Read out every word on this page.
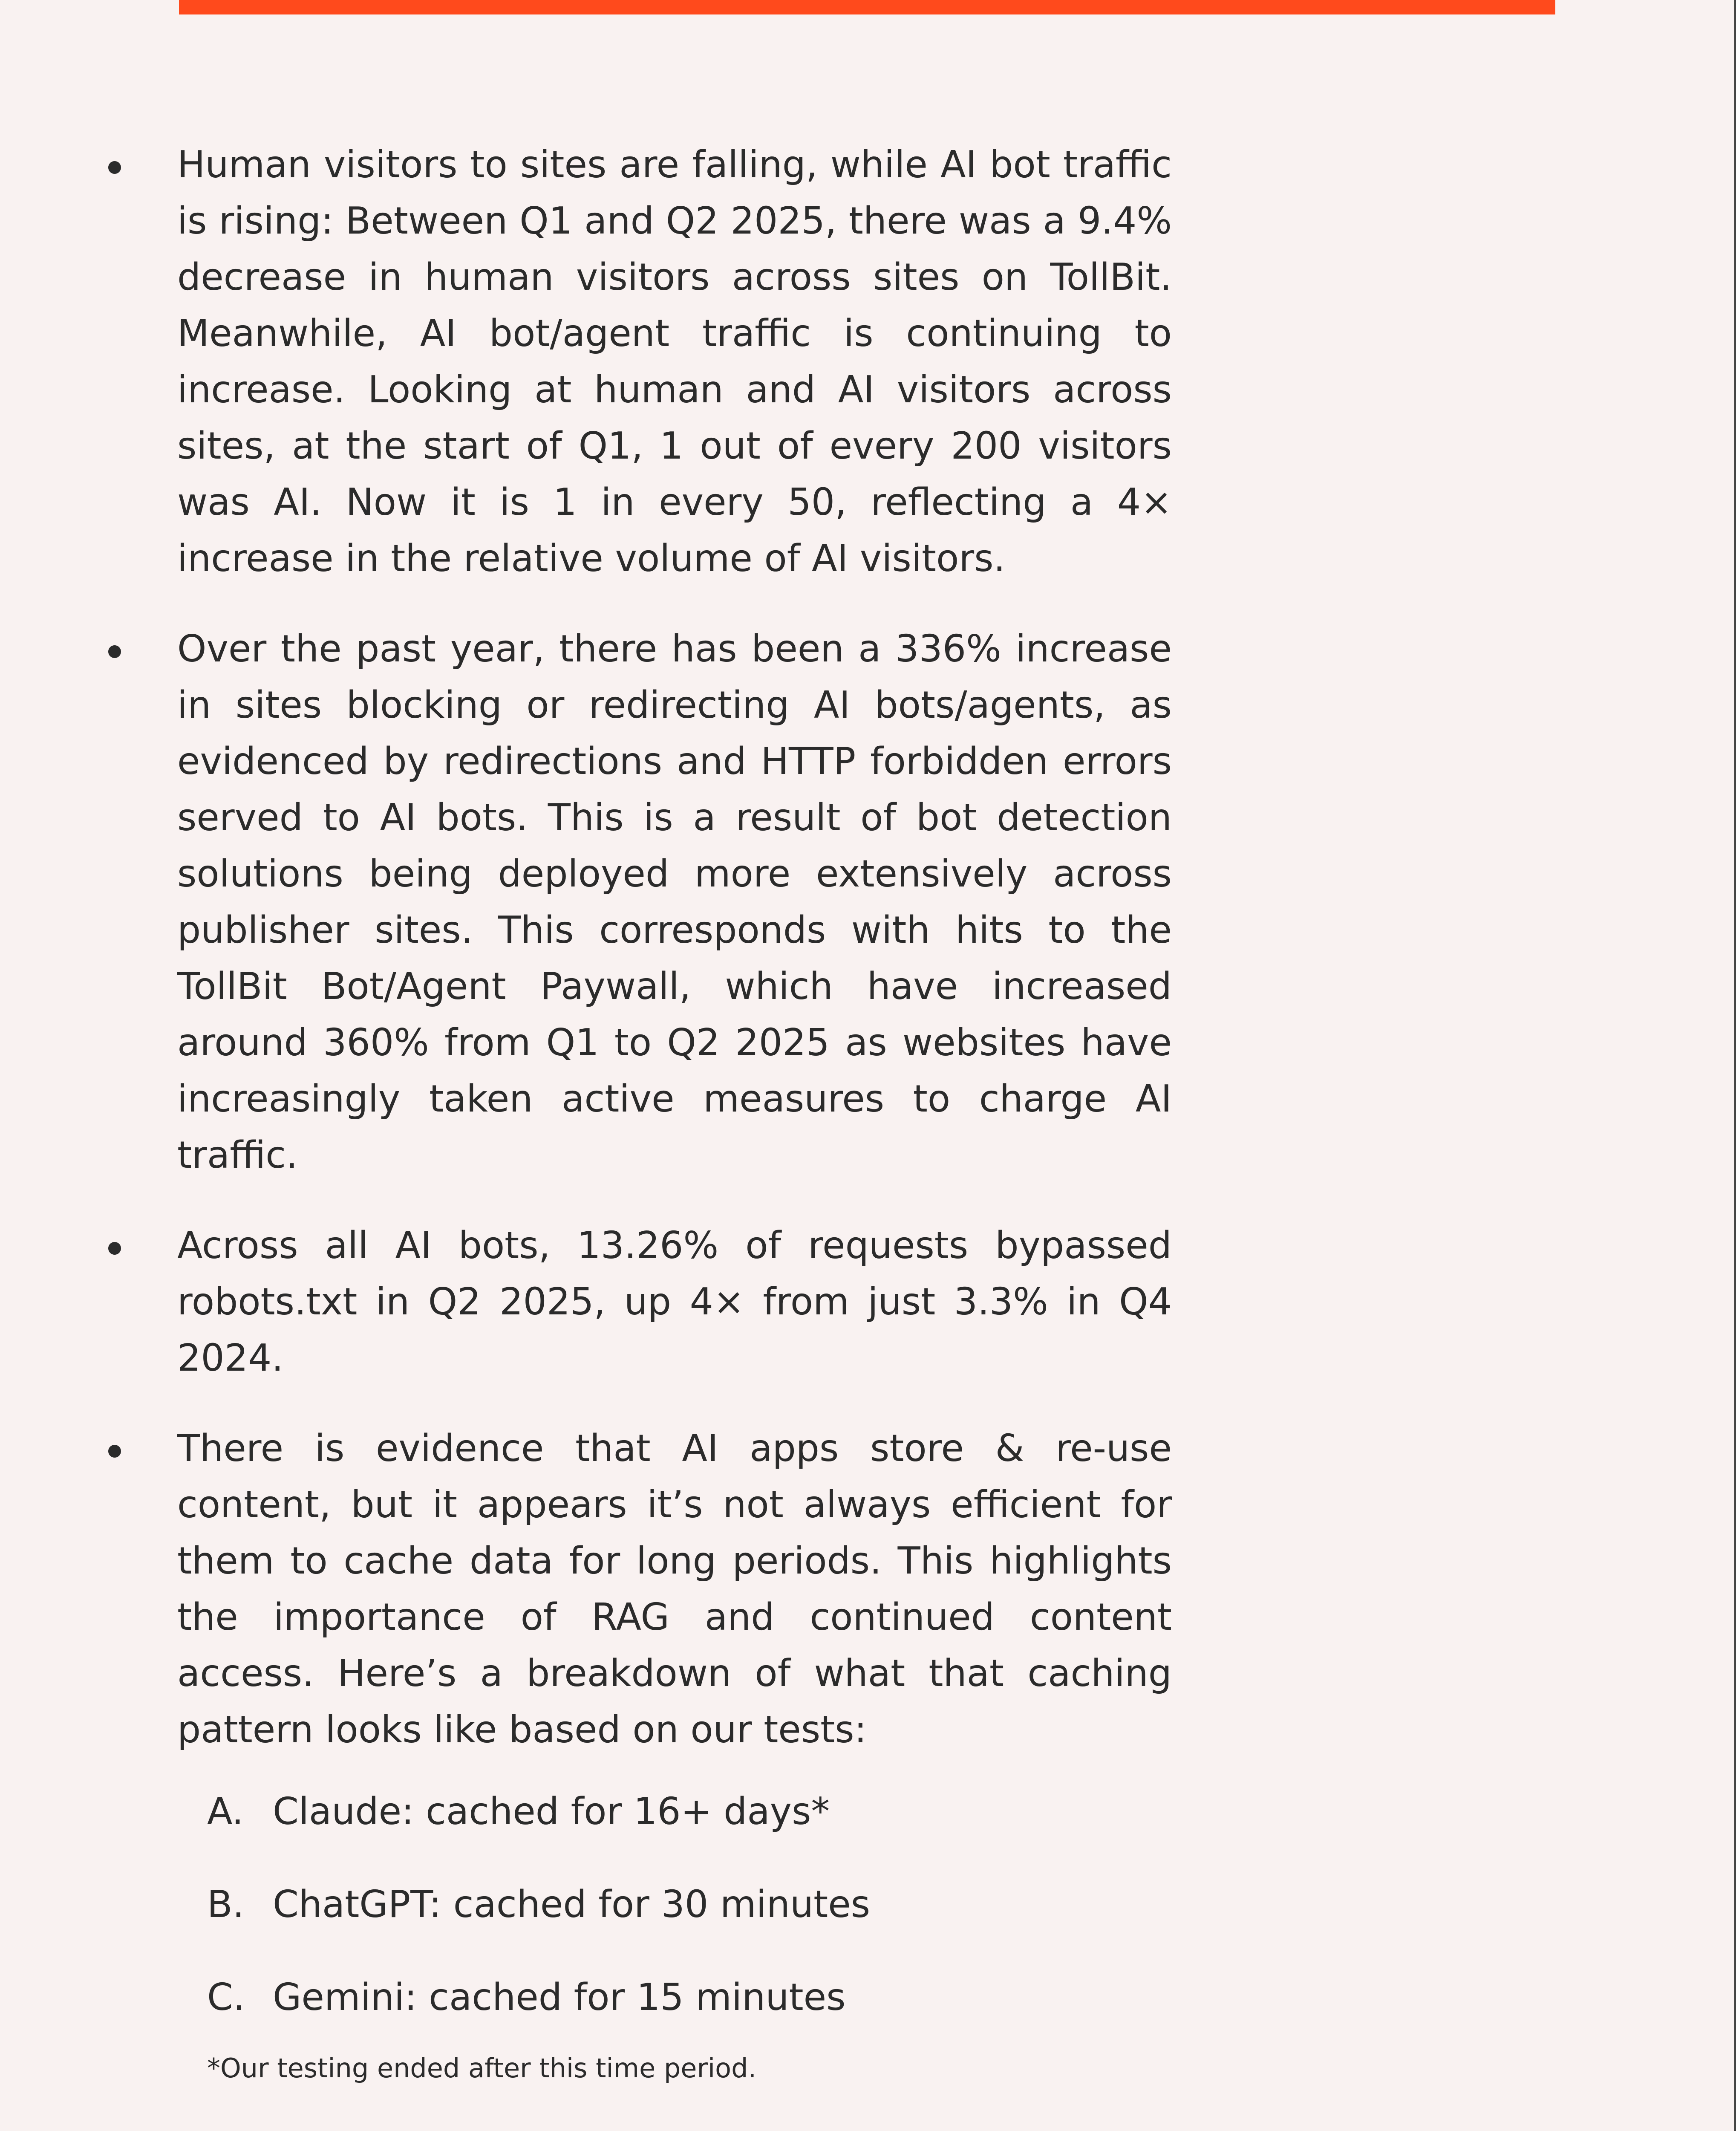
Human visitors to sites are falling, while AI bot traffic is rising: Between Q1 and Q2 2025, there was a 9.4% decrease in human visitors across sites on TollBit. Meanwhile, AI bot/agent traffic is continuing to increase. Looking at human and AI visitors across sites, at the start of Q1, 1 out of every 200 visitors was AI. Now it is 1 in every 50, reflecting a 4× increase in the relative volume of AI visitors.

Over the past year, there has been a 336% increase in sites blocking or redirecting AI bots/agents, as evidenced by redirections and HTTP forbidden errors served to AI bots. This is a result of bot detection solutions being deployed more extensively across publisher sites. This corresponds with hits to the TollBit Bot/Agent Paywall, which have increased around 360% from Q1 to Q2 2025 as websites have increasingly taken active measures to charge AI traffic.

Across all AI bots, 13.26% of requests bypassed robots.txt in Q2 2025, up 4× from just 3.3% in Q4 2024.

There is evidence that AI apps store & re-use content, but it appears it’s not always efficient for them to cache data for long periods. This highlights the importance of RAG and continued content access. Here’s a breakdown of what that caching pattern looks like based on our tests:

A. Claude: cached for 16+ days*
B. ChatGPT: cached for 30 minutes
C. Gemini: cached for 15 minutes

*Our testing ended after this time period.
